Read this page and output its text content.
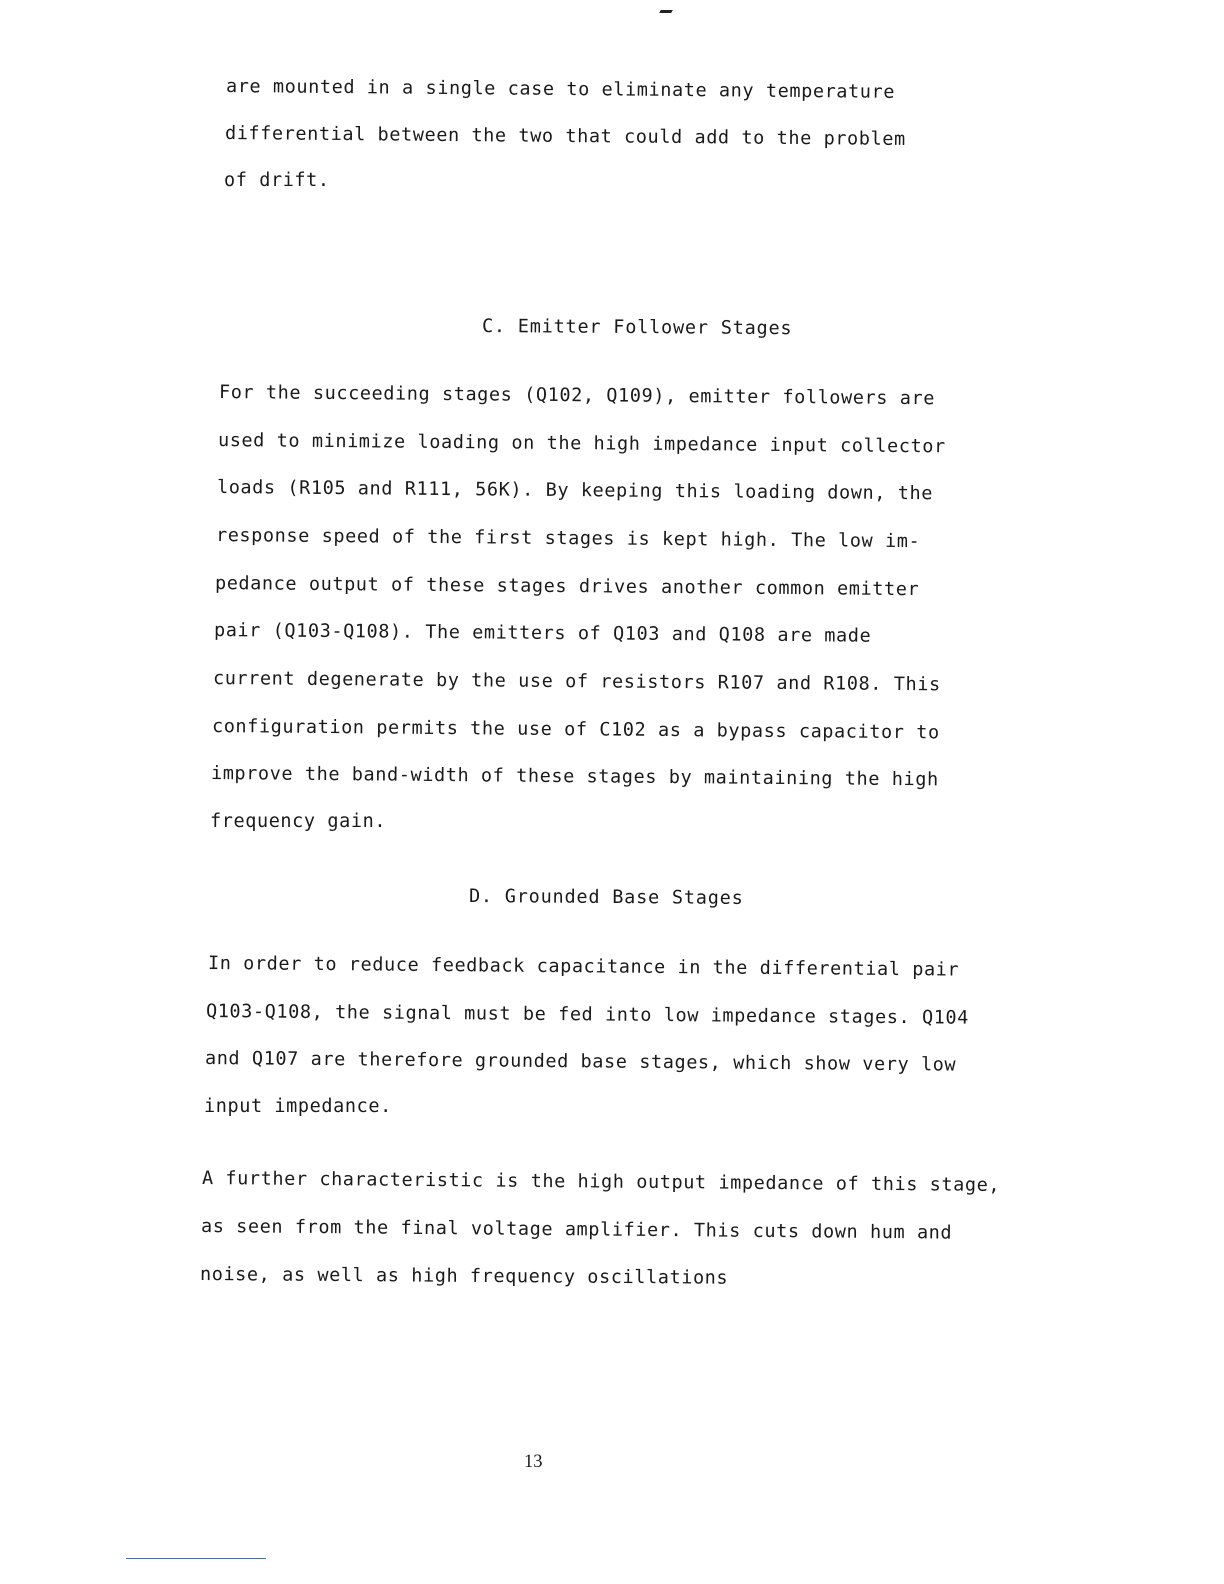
are mounted in a single case to eliminate any temperature
differential between the two that could add to the problem
of drift.
C. Emitter Follower Stages
For the succeeding stages (Q102, Q109), emitter followers are
used to minimize loading on the high impedance input collector
loads (R105 and R111, 56K). By keeping this loading down, the
response speed of the first stages is kept high. The low im-
pedance output of these stages drives another common emitter
pair (Q103-Q108). The emitters of Q103 and Q108 are made
current degenerate by the use of resistors R107 and R108. This
configuration permits the use of C102 as a bypass capacitor to
improve the band-width of these stages by maintaining the high
frequency gain.
D. Grounded Base Stages
In order to reduce feedback capacitance in the differential pair
Q103-Q108, the signal must be fed into low impedance stages. Q104
and Q107 are therefore grounded base stages, which show very low
input impedance.
A further characteristic is the high output impedance of this stage,
as seen from the final voltage amplifier. This cuts down hum and
noise, as well as high frequency oscillations
13
